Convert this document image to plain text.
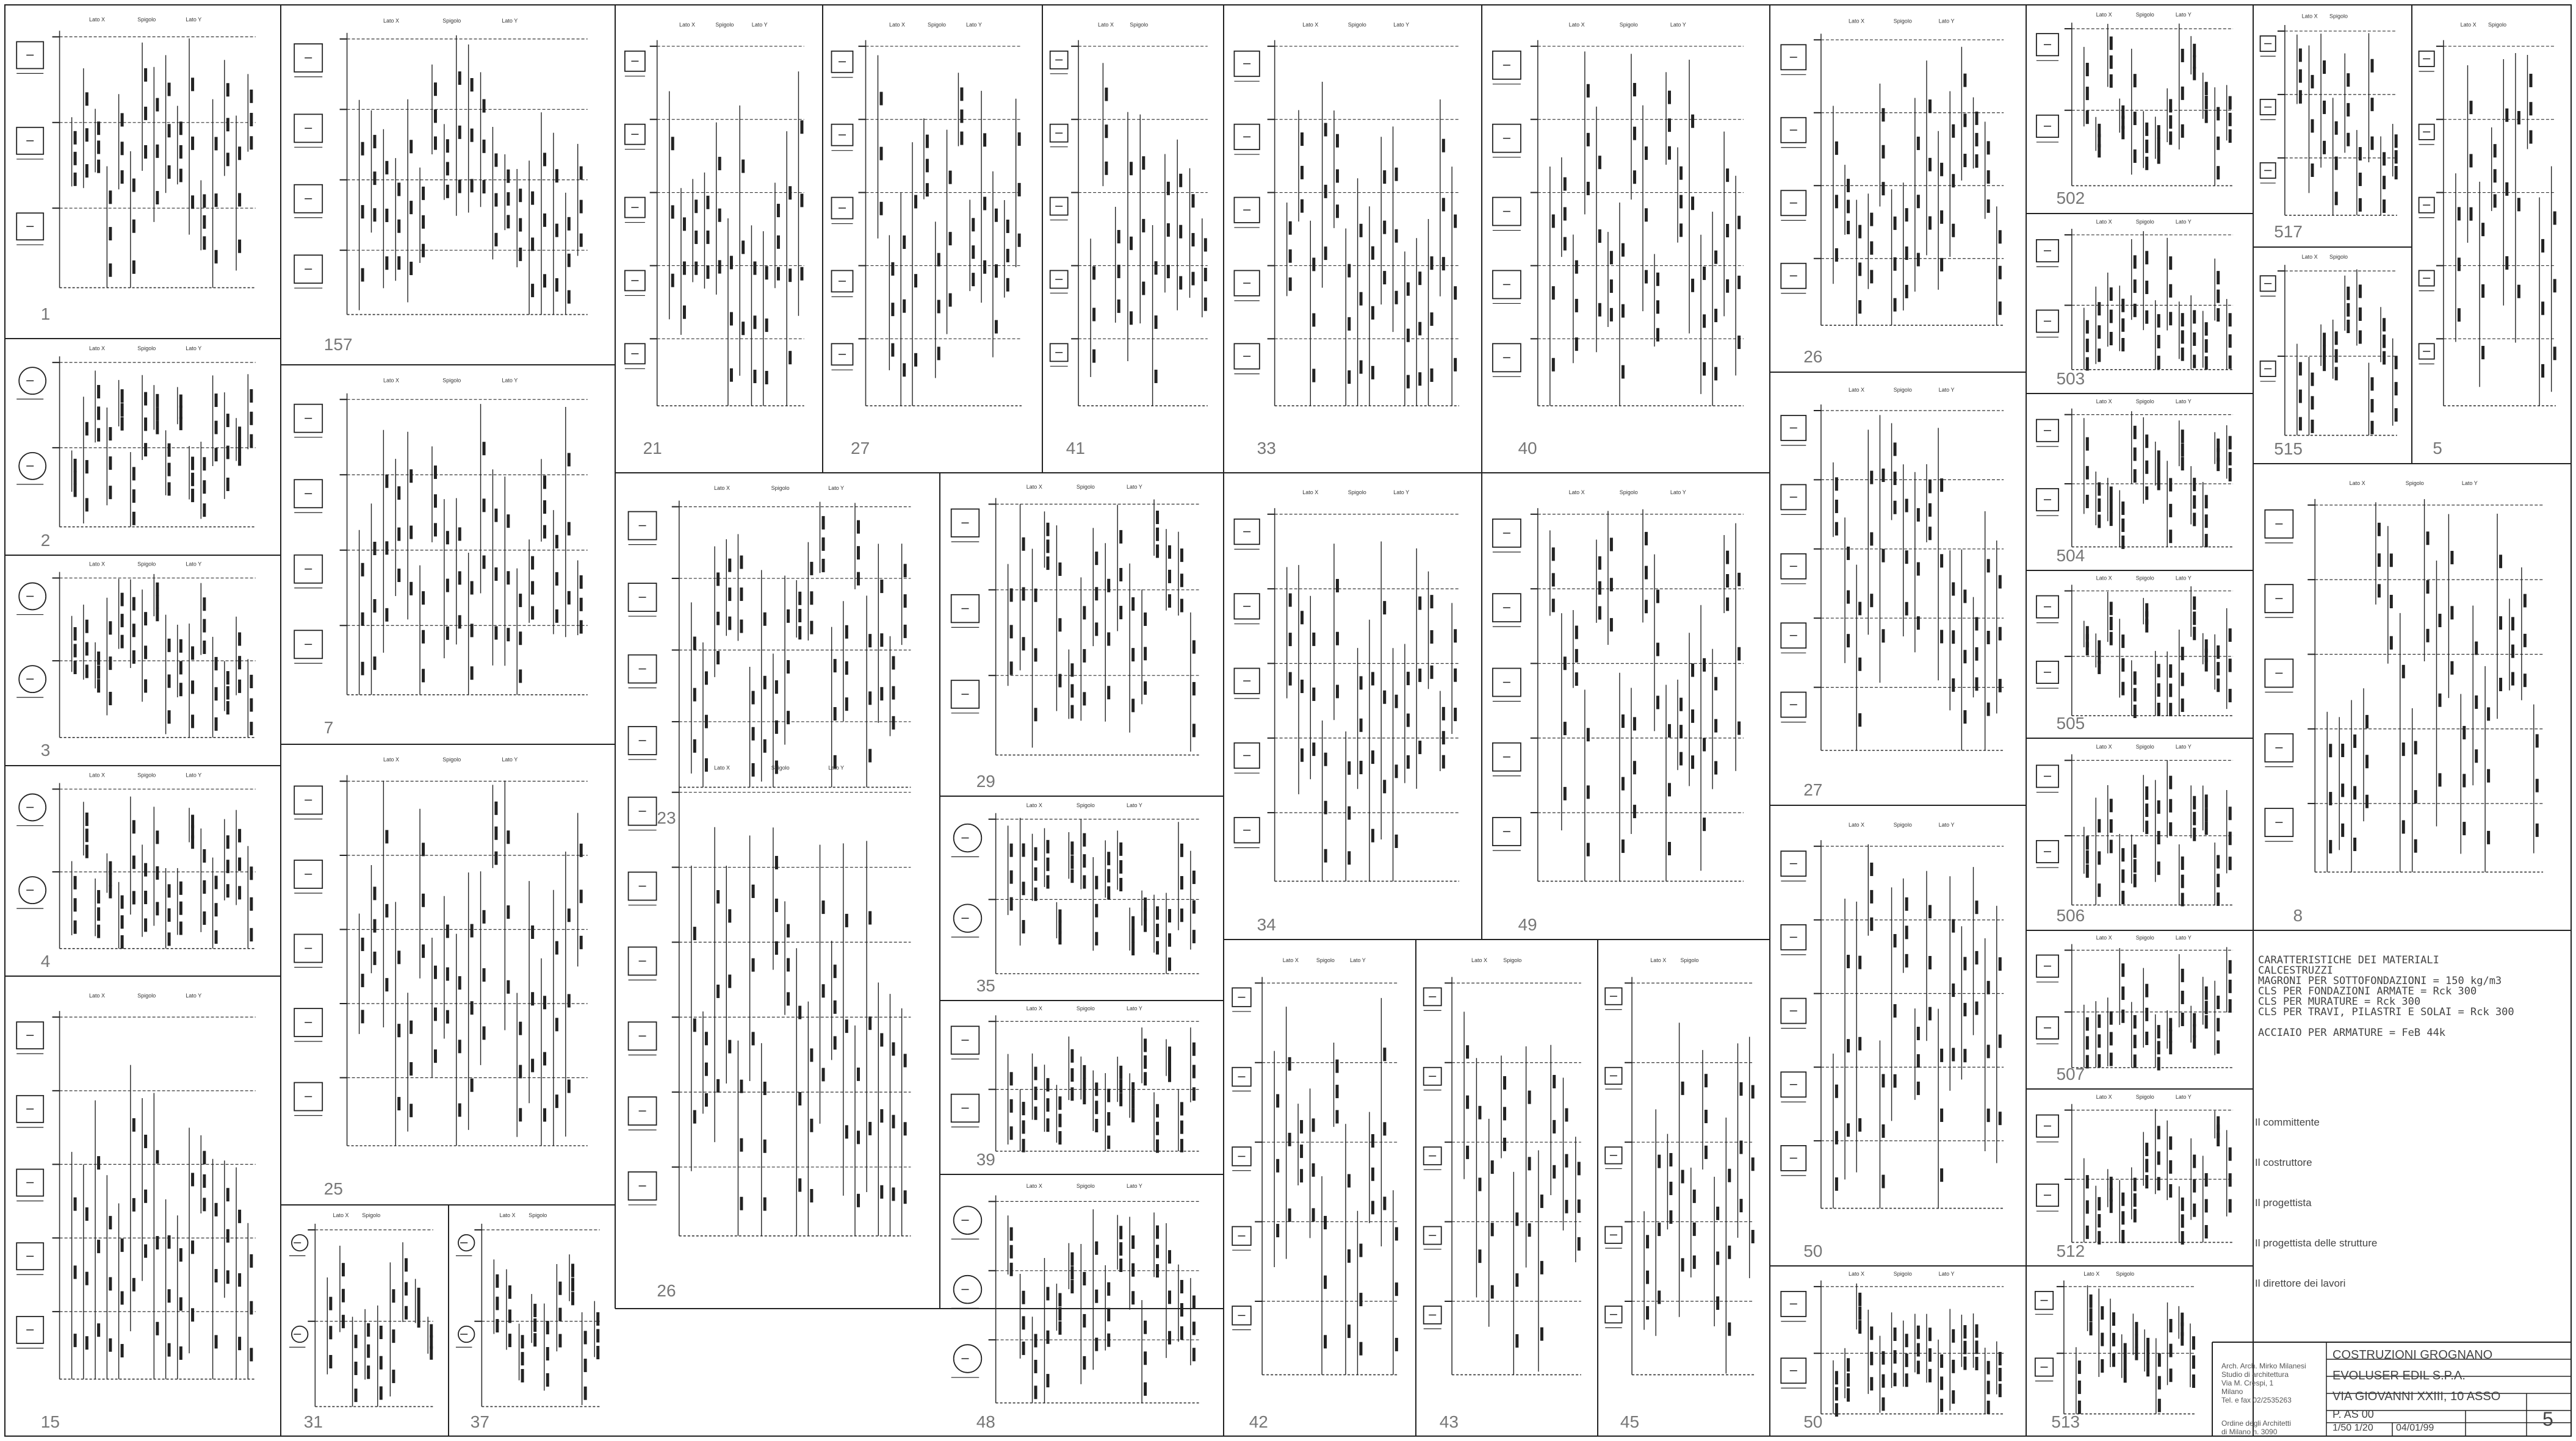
Lato X	Spigolo	Lato Y
1
Lato X	Spigolo	Lato Y
157
Lato X	Spigolo	Lato Y
21
Lato X	Spigolo	Lato Y
27
Lato X	Spigolo
41
Lato X	Spigolo	Lato Y
33
Lato X	Spigolo	Lato Y
40
Lato X	Spigolo	Lato Y
26
Lato X	Spigolo	Lato Y
502
Lato X Spigolo
517
Lato X	Spigolo	Lato Y
2
Lato X	Spigolo	Lato Y
7
Lato X	Spigolo	Lato Y
23
Lato X	Spigolo	Lato Y
29
Lato X	Spigolo	Lato Y
34
Lato X	Spigolo	Lato Y
49
Lato X	Spigolo	Lato Y
503
Lato X Spigolo
515
Lato X Spigolo
5
Lato X	Spigolo	Lato Y
3
Lato X	Spigolo	Lato Y
27
Lato X	Spigolo	Lato Y
504
Lato X	Spigolo	Lato Y
8
Lato X	Spigolo	Lato Y
4
Lato X	Spigolo	Lato Y
25
Lato X	Spigolo	Lato Y
505
Lato X	Spigolo	Lato Y
26
Lato X	Spigolo	Lato Y
35
Lato X	Spigolo	Lato Y
50
Lato X	Spigolo	Lato Y
506
Lato X	Spigolo	Lato Y
15
Lato X	Spigolo	Lato Y
39
Lato X	Spigolo	Lato Y
42
Lato X	Spigolo
43
Lato X	Spigolo
45
Lato X	Spigolo	Lato Y
507
Lato X	Spigolo	Lato Y
512
Lato X Spigolo
31
Lato X Spigolo
37
Lato X	Spigolo	Lato Y
48
Lato X	Spigolo	Lato Y
50
Lato X	Spigolo
513
CARATTERISTICHE DEI MATERIALI
CALCESTRUZZI
MAGRONI PER SOTTOFONDAZIONI = 150 kg/m3
CLS PER FONDAZIONI ARMATE = Rck 300
CLS PER MURATURE = Rck 300
CLS PER TRAVI, PILASTRI E SOLAI = Rck 300

ACCIAIO PER ARMATURE = FeB 44k
Il committente
Il costruttore
Il progettista
Il progettista delle strutture
Il direttore dei lavori
Arch. Arch. Mirko Milanesi
Studio di architettura
Via M. Crespi, 1
Milano
Tel. e fax 02/2535263
Ordine degli Architetti
di Milano n. 3090
COSTRUZIONI GROGNANO
EVOLUSER EDIL S.P.A.
VIA GIOVANNI XXIII, 10 ASSO
P. AS 00
1/50 1/20 04/01/99	5
